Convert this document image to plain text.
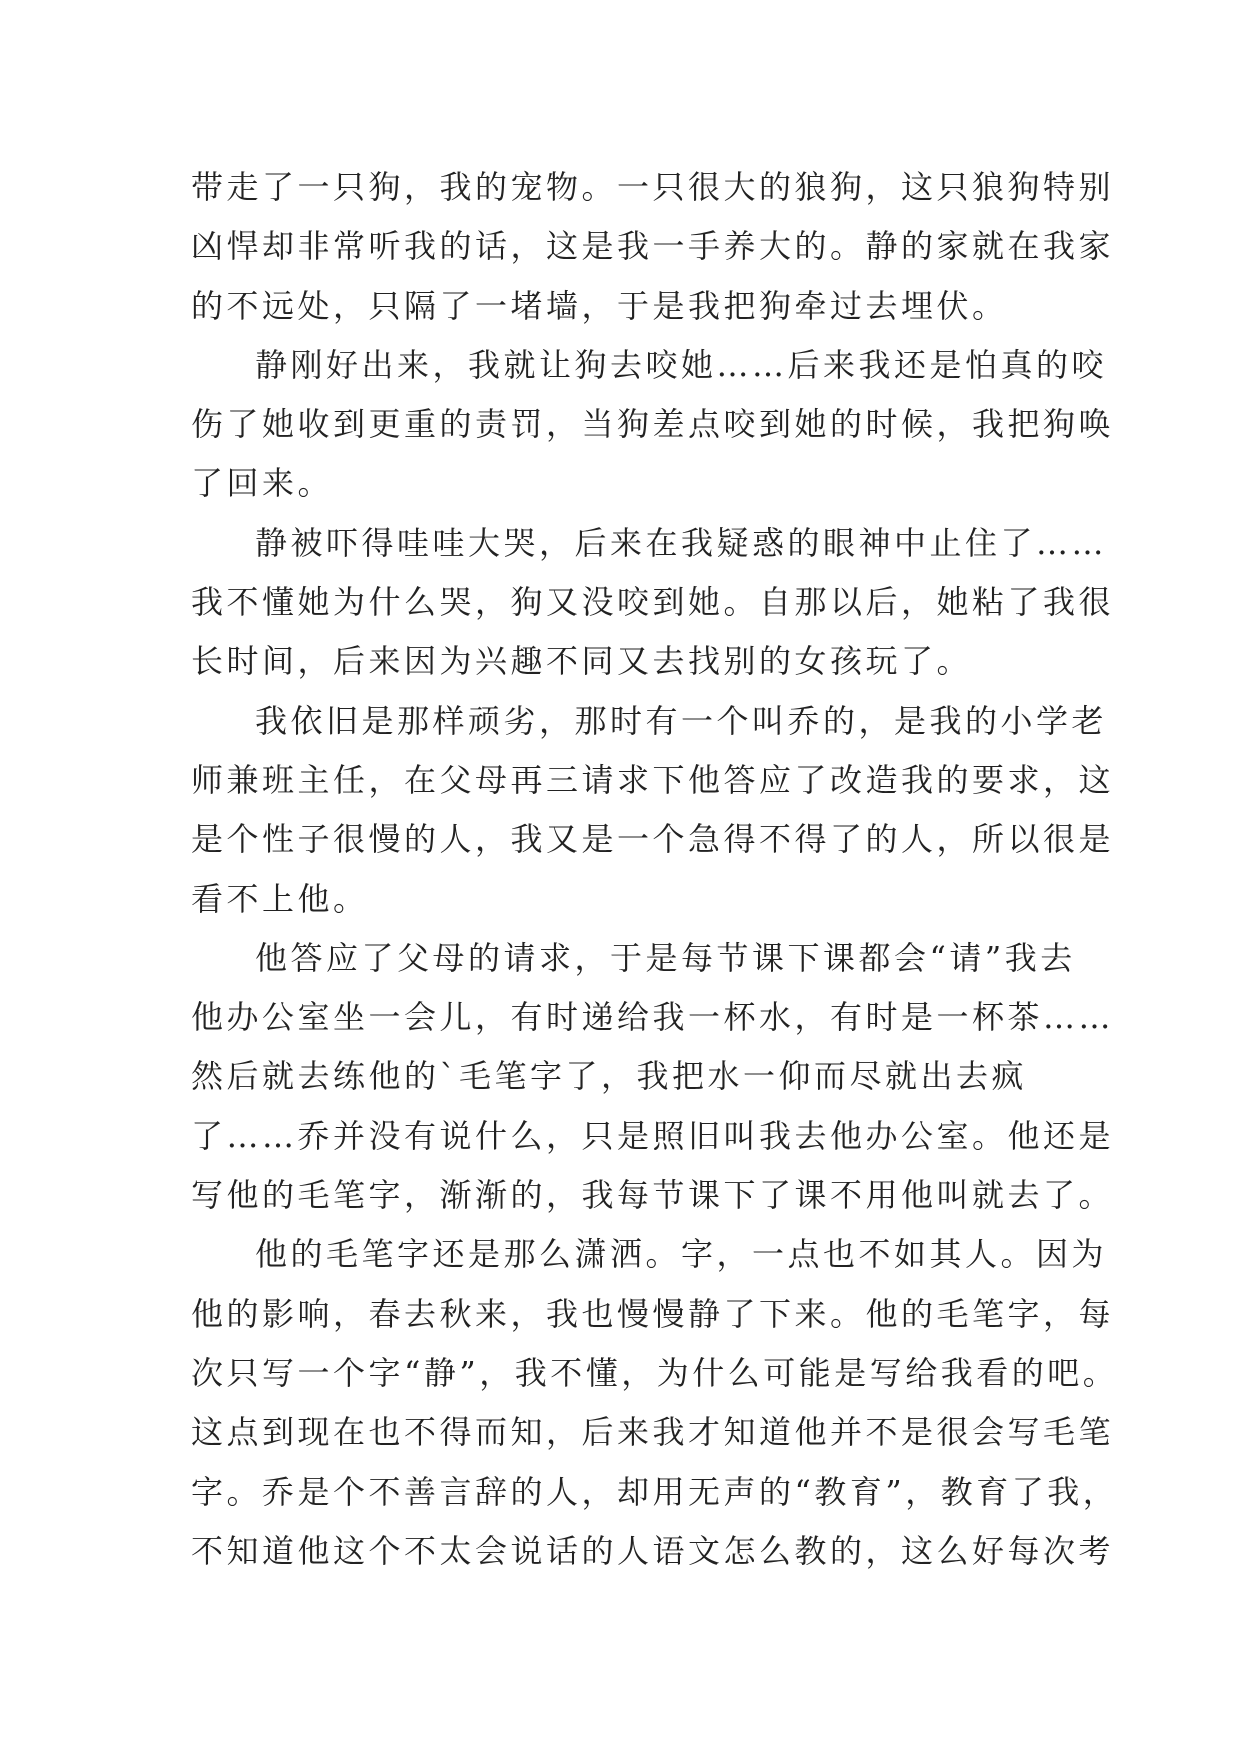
带走了一只狗，我的宠物。一只很大的狼狗，这只狼狗特别
凶悍却非常听我的话，这是我一手养大的。静的家就在我家
的不远处，只隔了一堵墙，于是我把狗牵过去埋伏。
静刚好出来，我就让狗去咬她……后来我还是怕真的咬
伤了她收到更重的责罚，当狗差点咬到她的时候，我把狗唤
了回来。
静被吓得哇哇大哭，后来在我疑惑的眼神中止住了……
我不懂她为什么哭，狗又没咬到她。自那以后，她粘了我很
长时间，后来因为兴趣不同又去找别的女孩玩了。
我依旧是那样顽劣，那时有一个叫乔的，是我的小学老
师兼班主任，在父母再三请求下他答应了改造我的要求，这
是个性子很慢的人，我又是一个急得不得了的人，所以很是
看不上他。
他答应了父母的请求，于是每节课下课都会“请”我去
他办公室坐一会儿，有时递给我一杯水，有时是一杯茶……
然后就去练他的`毛笔字了，我把水一仰而尽就出去疯
了……乔并没有说什么，只是照旧叫我去他办公室。他还是
写他的毛笔字，渐渐的，我每节课下了课不用他叫就去了。
他的毛笔字还是那么潇洒。字，一点也不如其人。因为
他的影响，春去秋来，我也慢慢静了下来。他的毛笔字，每
次只写一个字“静”，我不懂，为什么可能是写给我看的吧。
这点到现在也不得而知，后来我才知道他并不是很会写毛笔
字。乔是个不善言辞的人，却用无声的“教育”，教育了我，
不知道他这个不太会说话的人语文怎么教的，这么好每次考
